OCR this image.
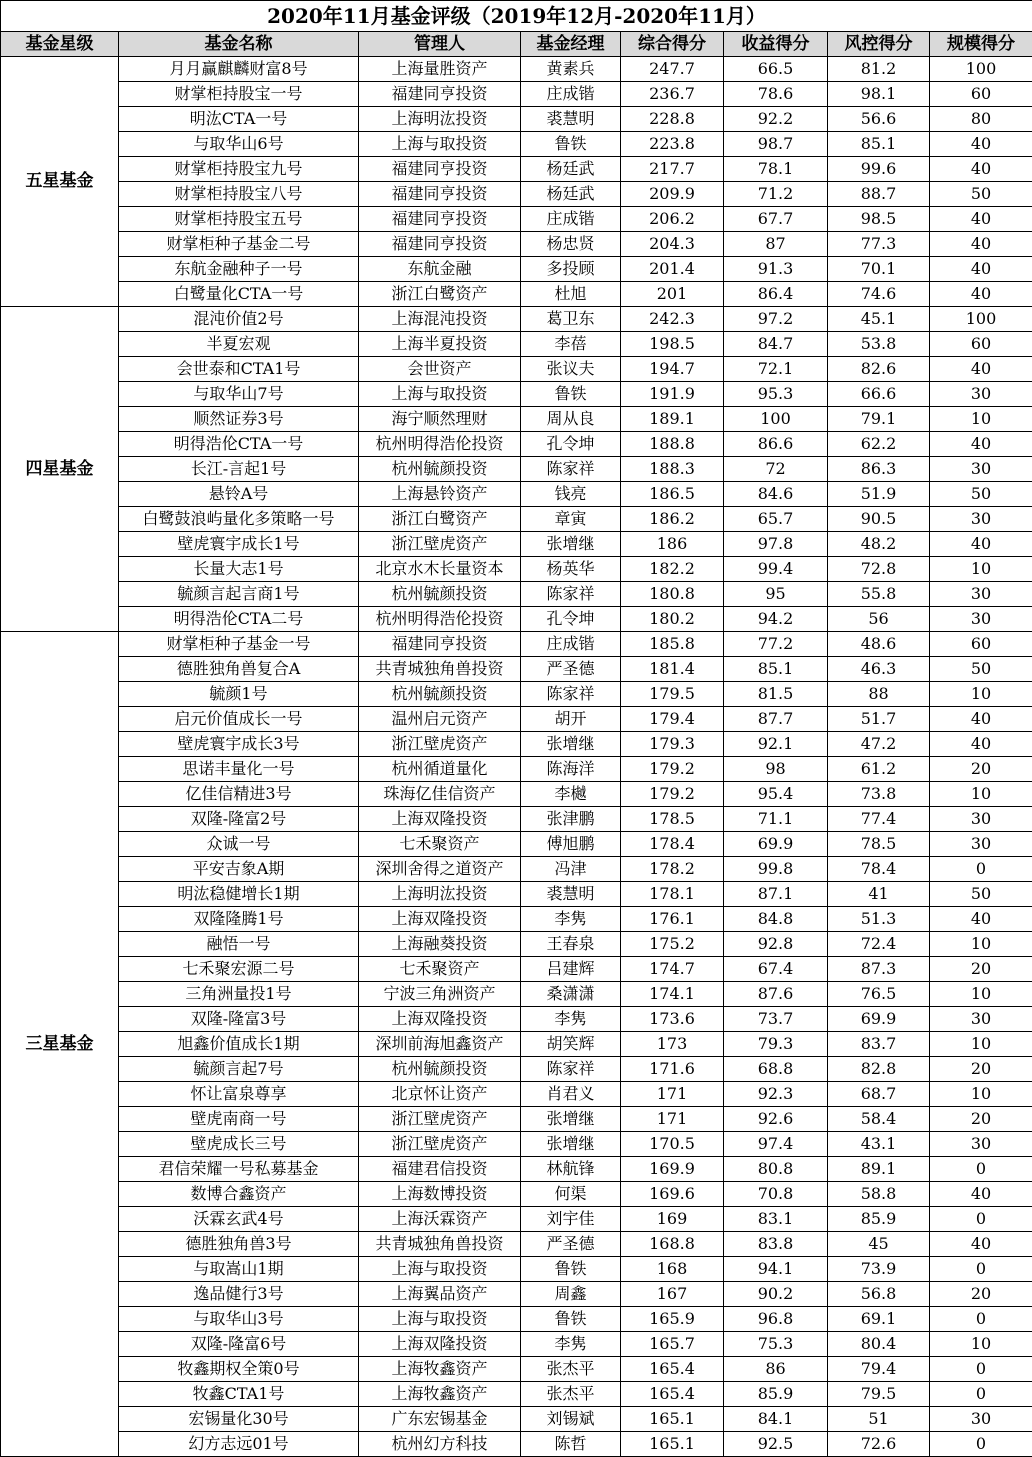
2020年11月基金评级（2019年12月-2020年11月）							
基金星级	基金名称	管理人	基金经理	综合得分	收益得分	风控得分	规模得分
五星基金	月月赢麒麟财富8号	上海量胜资产	黄素兵	247.7	66.5	81.2	100
	财掌柜持股宝一号	福建同亨投资	庄成锴	236.7	78.6	98.1	60
	明汯CTA一号	上海明汯投资	裘慧明	228.8	92.2	56.6	80
	与取华山6号	上海与取投资	鲁铁	223.8	98.7	85.1	40
	财掌柜持股宝九号	福建同亨投资	杨廷武	217.7	78.1	99.6	40
	财掌柜持股宝八号	福建同亨投资	杨廷武	209.9	71.2	88.7	50
	财掌柜持股宝五号	福建同亨投资	庄成锴	206.2	67.7	98.5	40
	财掌柜种子基金二号	福建同亨投资	杨忠贤	204.3	87	77.3	40
	东航金融种子一号	东航金融	多投顾	201.4	91.3	70.1	40
	白鹭量化CTA一号	浙江白鹭资产	杜旭	201	86.4	74.6	40
四星基金	混沌价值2号	上海混沌投资	葛卫东	242.3	97.2	45.1	100
	半夏宏观	上海半夏投资	李蓓	198.5	84.7	53.8	60
	会世泰和CTA1号	会世资产	张议夫	194.7	72.1	82.6	40
	与取华山7号	上海与取投资	鲁铁	191.9	95.3	66.6	30
	顺然证券3号	海宁顺然理财	周从良	189.1	100	79.1	10
	明得浩伦CTA一号	杭州明得浩伦投资	孔令坤	188.8	86.6	62.2	40
	长江-言起1号	杭州毓颜投资	陈家祥	188.3	72	86.3	30
	悬铃A号	上海悬铃资产	钱亮	186.5	84.6	51.9	50
	白鹭鼓浪屿量化多策略一号	浙江白鹭资产	章寅	186.2	65.7	90.5	30
	壁虎寰宇成长1号	浙江壁虎资产	张增继	186	97.8	48.2	40
	长量大志1号	北京水木长量资本	杨英华	182.2	99.4	72.8	10
	毓颜言起言商1号	杭州毓颜投资	陈家祥	180.8	95	55.8	30
	明得浩伦CTA二号	杭州明得浩伦投资	孔令坤	180.2	94.2	56	30
三星基金	财掌柜种子基金一号	福建同亨投资	庄成锴	185.8	77.2	48.6	60
	德胜独角兽复合A	共青城独角兽投资	严圣德	181.4	85.1	46.3	50
	毓颜1号	杭州毓颜投资	陈家祥	179.5	81.5	88	10
	启元价值成长一号	温州启元资产	胡开	179.4	87.7	51.7	40
	壁虎寰宇成长3号	浙江壁虎资产	张增继	179.3	92.1	47.2	40
	思诺丰量化一号	杭州循道量化	陈海洋	179.2	98	61.2	20
	亿佳信精进3号	珠海亿佳信资产	李樾	179.2	95.4	73.8	10
	双隆-隆富2号	上海双隆投资	张津鹏	178.5	71.1	77.4	30
	众诚一号	七禾聚资产	傅旭鹏	178.4	69.9	78.5	30
	平安吉象A期	深圳舍得之道资产	冯津	178.2	99.8	78.4	0
	明汯稳健增长1期	上海明汯投资	裘慧明	178.1	87.1	41	50
	双隆隆腾1号	上海双隆投资	李隽	176.1	84.8	51.3	40
	融悟一号	上海融葵投资	王春泉	175.2	92.8	72.4	10
	七禾聚宏源二号	七禾聚资产	吕建辉	174.7	67.4	87.3	20
	三角洲量投1号	宁波三角洲资产	桑潇潇	174.1	87.6	76.5	10
	双隆-隆富3号	上海双隆投资	李隽	173.6	73.7	69.9	30
	旭鑫价值成长1期	深圳前海旭鑫资产	胡笑辉	173	79.3	83.7	10
	毓颜言起7号	杭州毓颜投资	陈家祥	171.6	68.8	82.8	20
	怀让富泉尊享	北京怀让资产	肖君义	171	92.3	68.7	10
	壁虎南商一号	浙江壁虎资产	张增继	171	92.6	58.4	20
	壁虎成长三号	浙江壁虎资产	张增继	170.5	97.4	43.1	30
	君信荣耀一号私募基金	福建君信投资	林航锋	169.9	80.8	89.1	0
	数博合鑫资产	上海数博投资	何渠	169.6	70.8	58.8	40
	沃霖玄武4号	上海沃霖资产	刘宇佳	169	83.1	85.9	0
	德胜独角兽3号	共青城独角兽投资	严圣德	168.8	83.8	45	40
	与取嵩山1期	上海与取投资	鲁铁	168	94.1	73.9	0
	逸品健行3号	上海翼品资产	周鑫	167	90.2	56.8	20
	与取华山3号	上海与取投资	鲁铁	165.9	96.8	69.1	0
	双隆-隆富6号	上海双隆投资	李隽	165.7	75.3	80.4	10
	牧鑫期权全策0号	上海牧鑫资产	张杰平	165.4	86	79.4	0
	牧鑫CTA1号	上海牧鑫资产	张杰平	165.4	85.9	79.5	0
	宏锡量化30号	广东宏锡基金	刘锡斌	165.1	84.1	51	30
	幻方志远01号	杭州幻方科技	陈哲	165.1	92.5	72.6	0
